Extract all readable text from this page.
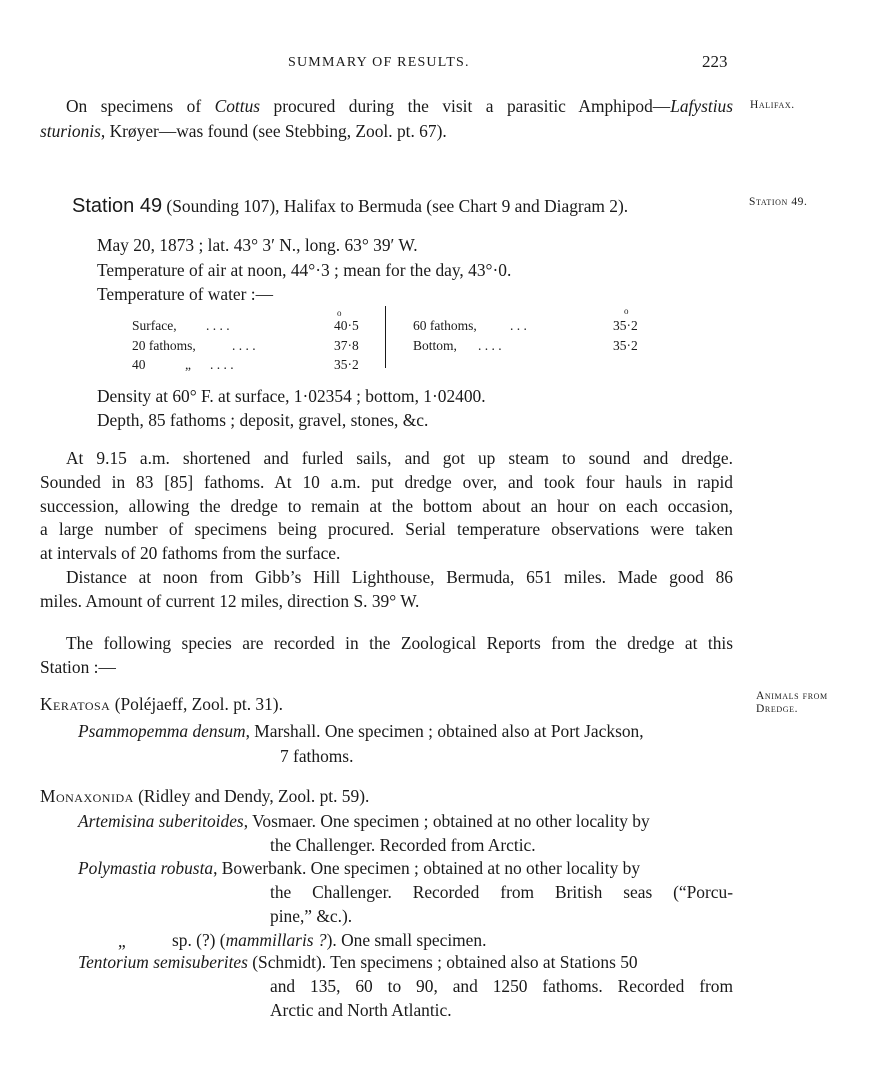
SUMMARY OF RESULTS.	223
Halifax.
Station 49.
Animals from
Dredge.
On specimens of Cottus procured during the visit a parasitic Amphipod—Lafystius
sturionis, Krøyer—was found (see Stebbing, Zool. pt. 67).
Station 49 (Sounding 107), Halifax to Bermuda (see Chart 9 and Diagram 2).
May 20, 1873 ; lat. 43° 3′ N., long. 63° 39′ W.
Temperature of air at noon, 44°·3 ; mean for the day, 43°·0.
Temperature of water :—
o	o
Surface, . . . .	40·5
20 fathoms,	. . . .	37·8
40	„ . . . .	35·2
60 fathoms, . . .	35·2
Bottom, . . . .	35·2
Density at 60° F. at surface, 1·02354 ; bottom, 1·02400.
Depth, 85 fathoms ; deposit, gravel, stones, &c.
At 9.15 a.m. shortened and furled sails, and got up steam to sound and dredge.
Sounded in 83 [85] fathoms. At 10 a.m. put dredge over, and took four hauls in rapid
succession, allowing the dredge to remain at the bottom about an hour on each occasion,
a large number of specimens being procured. Serial temperature observations were taken
at intervals of 20 fathoms from the surface.
Distance at noon from Gibb’s Hill Lighthouse, Bermuda, 651 miles. Made good 86
miles. Amount of current 12 miles, direction S. 39° W.
The following species are recorded in the Zoological Reports from the dredge at this
Station :—
Keratosa (Poléjaeff, Zool. pt. 31).
Psammopemma densum, Marshall. One specimen ; obtained also at Port Jackson,
7 fathoms.
Monaxonida (Ridley and Dendy, Zool. pt. 59).
Artemisina suberitoides, Vosmaer. One specimen ; obtained at no other locality by
the Challenger. Recorded from Arctic.
Polymastia robusta, Bowerbank. One specimen ; obtained at no other locality by
the Challenger. Recorded from British seas (“Porcu-
pine,” &c.).
„	sp. (?) (mammillaris ?). One small specimen.
Tentorium semisuberites (Schmidt). Ten specimens ; obtained also at Stations 50
and 135, 60 to 90, and 1250 fathoms. Recorded from
Arctic and North Atlantic.
